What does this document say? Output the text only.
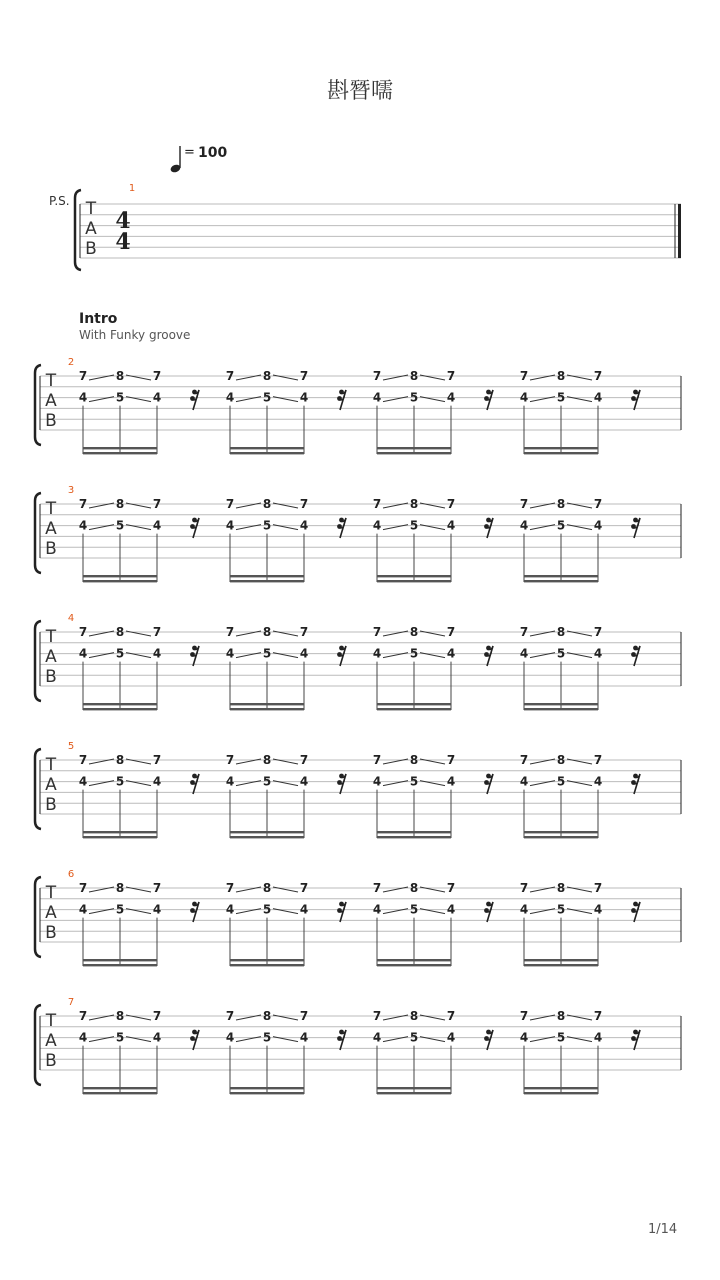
斟朁嚅
= 100
P.S.
Intro
With Funky groove
1
T
A
B
4
4
2
T
A
B
7
4
8
5
7
4
7
4
8
5
7
4
7
4
8
5
7
4
7
4
8
5
7
4
3
T
A
B
7
4
8
5
7
4
7
4
8
5
7
4
7
4
8
5
7
4
7
4
8
5
7
4
4
T
A
B
7
4
8
5
7
4
7
4
8
5
7
4
7
4
8
5
7
4
7
4
8
5
7
4
5
T
A
B
7
4
8
5
7
4
7
4
8
5
7
4
7
4
8
5
7
4
7
4
8
5
7
4
6
T
A
B
7
4
8
5
7
4
7
4
8
5
7
4
7
4
8
5
7
4
7
4
8
5
7
4
7
T
A
B
7
4
8
5
7
4
7
4
8
5
7
4
7
4
8
5
7
4
7
4
8
5
7
4
1/14
